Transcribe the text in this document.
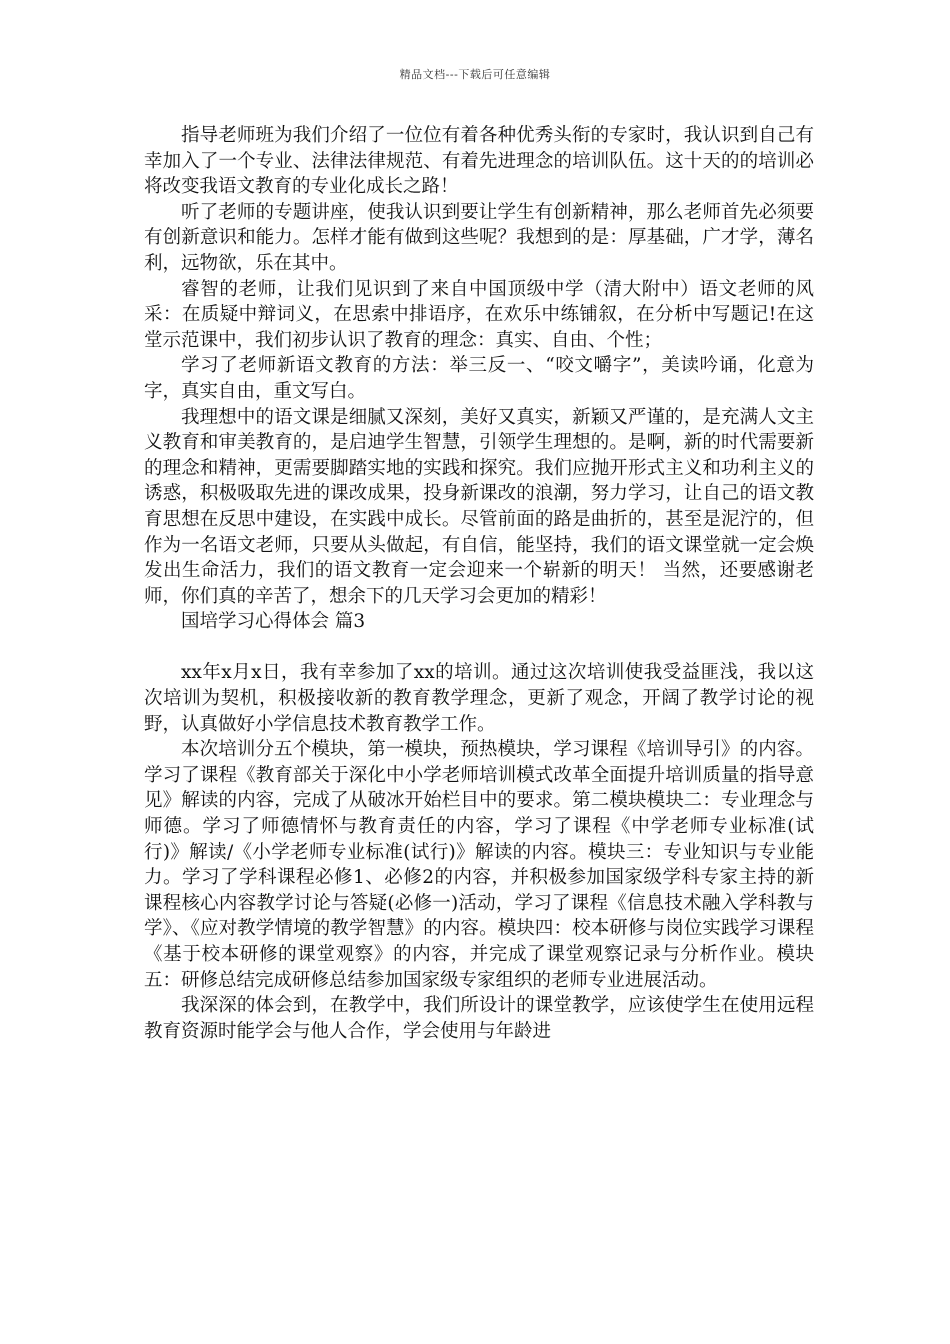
精品文档---下载后可任意编辑

指导老师班为我们介绍了一位位有着各种优秀头衔的专家时，我认识到自己有幸加入了一个专业、法律法律规范、有着先进理念的培训队伍。这十天的的培训必将改变我语文教育的专业化成长之路！

听了老师的专题讲座，使我认识到要让学生有创新精神，那么老师首先必须要有创新意识和能力。怎样才能有做到这些呢？我想到的是：厚基础，广才学，薄名利，远物欲，乐在其中。

睿智的老师，让我们见识到了来自中国顶级中学（清大附中）语文老师的风采：在质疑中辩词义，在思索中排语序，在欢乐中练铺叙，在分析中写题记!在这堂示范课中，我们初步认识了教育的理念：真实、自由、个性；

学习了老师新语文教育的方法：举三反一、“咬文嚼字”，美读吟诵，化意为字，真实自由，重文写白。

我理想中的语文课是细腻又深刻，美好又真实，新颖又严谨的，是充满人文主义教育和审美教育的，是启迪学生智慧，引领学生理想的。是啊，新的时代需要新的理念和精神，更需要脚踏实地的实践和探究。我们应抛开形式主义和功利主义的诱惑，积极吸取先进的课改成果，投身新课改的浪潮，努力学习，让自己的语文教育思想在反思中建设，在实践中成长。尽管前面的路是曲折的，甚至是泥泞的，但作为一名语文老师，只要从头做起，有自信，能坚持，我们的语文课堂就一定会焕发出生命活力，我们的语文教育一定会迎来一个崭新的明天！ 当然，还要感谢老师，你们真的辛苦了，想余下的几天学习会更加的精彩！

国培学习心得体会 篇3

xx年x月x日，我有幸参加了xx的培训。通过这次培训使我受益匪浅，我以这次培训为契机，积极接收新的教育教学理念，更新了观念，开阔了教学讨论的视野，认真做好小学信息技术教育教学工作。

本次培训分五个模块，第一模块，预热模块，学习课程《培训导引》的内容。学习了课程《教育部关于深化中小学老师培训模式改革全面提升培训质量的指导意见》解读的内容，完成了从破冰开始栏目中的要求。第二模块模块二：专业理念与师德。学习了师德情怀与教育责任的内容，学习了课程《中学老师专业标准(试行)》解读/《小学老师专业标准(试行)》解读的内容。模块三：专业知识与专业能力。学习了学科课程必修1、必修2的内容，并积极参加国家级学科专家主持的新课程核心内容教学讨论与答疑(必修一)活动，学习了课程《信息技术融入学科教与学》、《应对教学情境的教学智慧》的内容。模块四：校本研修与岗位实践学习课程《基于校本研修的课堂观察》的内容，并完成了课堂观察记录与分析作业。模块五：研修总结完成研修总结参加国家级专家组织的老师专业进展活动。

我深深的体会到，在教学中，我们所设计的课堂教学，应该使学生在使用远程教育资源时能学会与他人合作，学会使用与年龄进
